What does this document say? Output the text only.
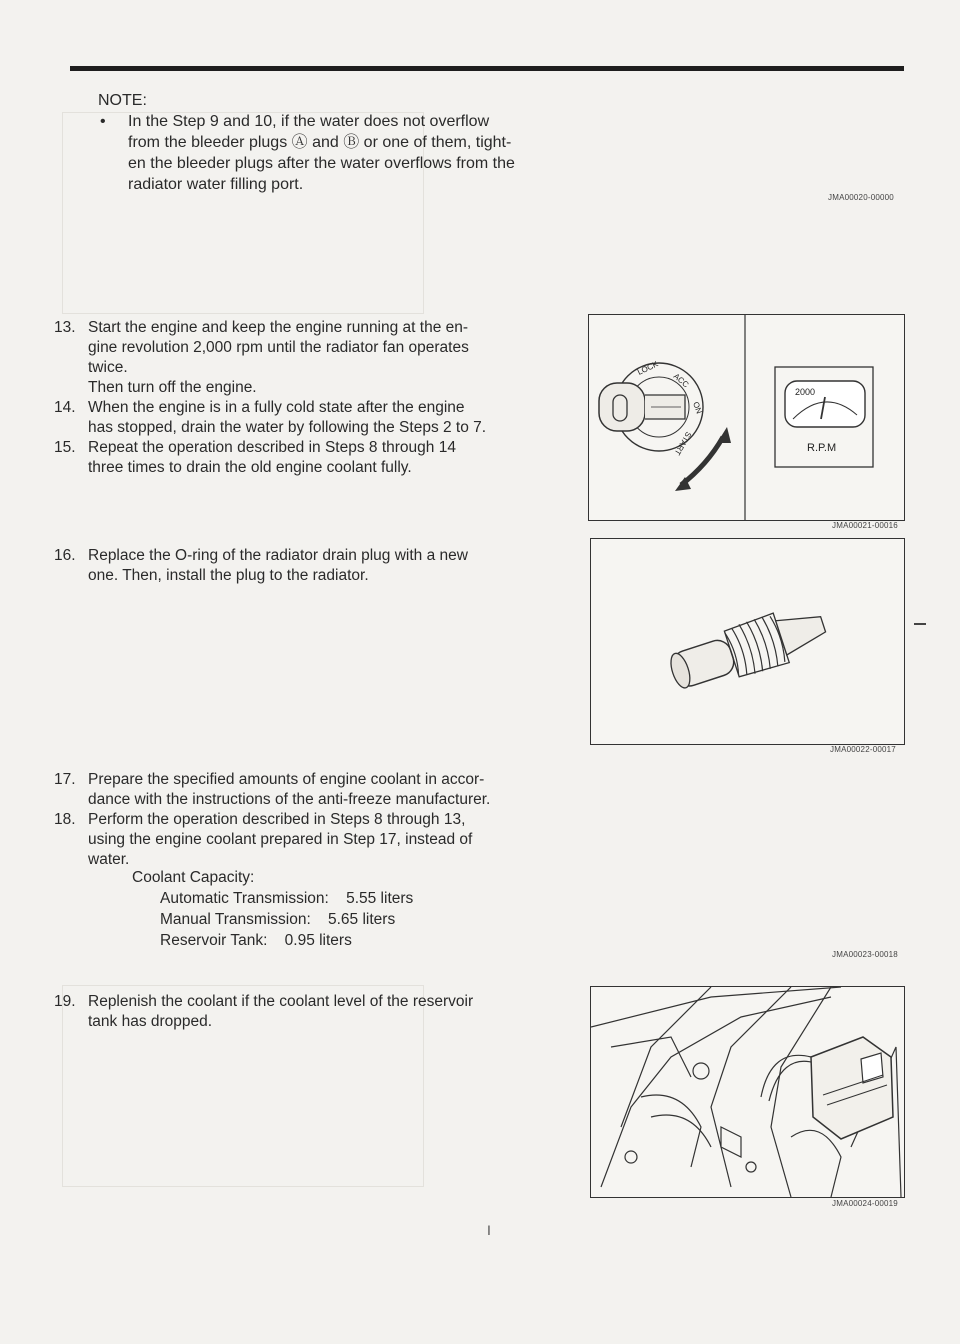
NOTE:
• In the Step 9 and 10, if the water does not overflow
from the bleeder plugs Ⓐ and Ⓑ or one of them, tight-
en the bleeder plugs after the water overflows from the
radiator water filling port.
JMA00020-00000
13. Start the engine and keep the engine running at the en-
gine revolution 2,000 rpm until the radiator fan operates
twice.
Then turn off the engine.
14. When the engine is in a fully cold state after the engine
has stopped, drain the water by following the Steps 2 to 7.
15. Repeat the operation described in Steps 8 through 14
three times to drain the old engine coolant fully.
16. Replace the O-ring of the radiator drain plug with a new
one. Then, install the plug to the radiator.
17. Prepare the specified amounts of engine coolant in accor-
dance with the instructions of the anti-freeze manufacturer.
18. Perform the operation described in Steps 8 through 13,
using the engine coolant prepared in Step 17, instead of
water.
Coolant Capacity:
Automatic Transmission: 5.55 liters
Manual Transmission: 5.65 liters
Reservoir Tank: 0.95 liters
19. Replenish the coolant if the coolant level of the reservoir
tank has dropped.
LOCK
ACC
ON
START
2000
R.P.M
JMA00021-00016
JMA00022-00017
JMA00023-00018
JMA00024-00019
I
